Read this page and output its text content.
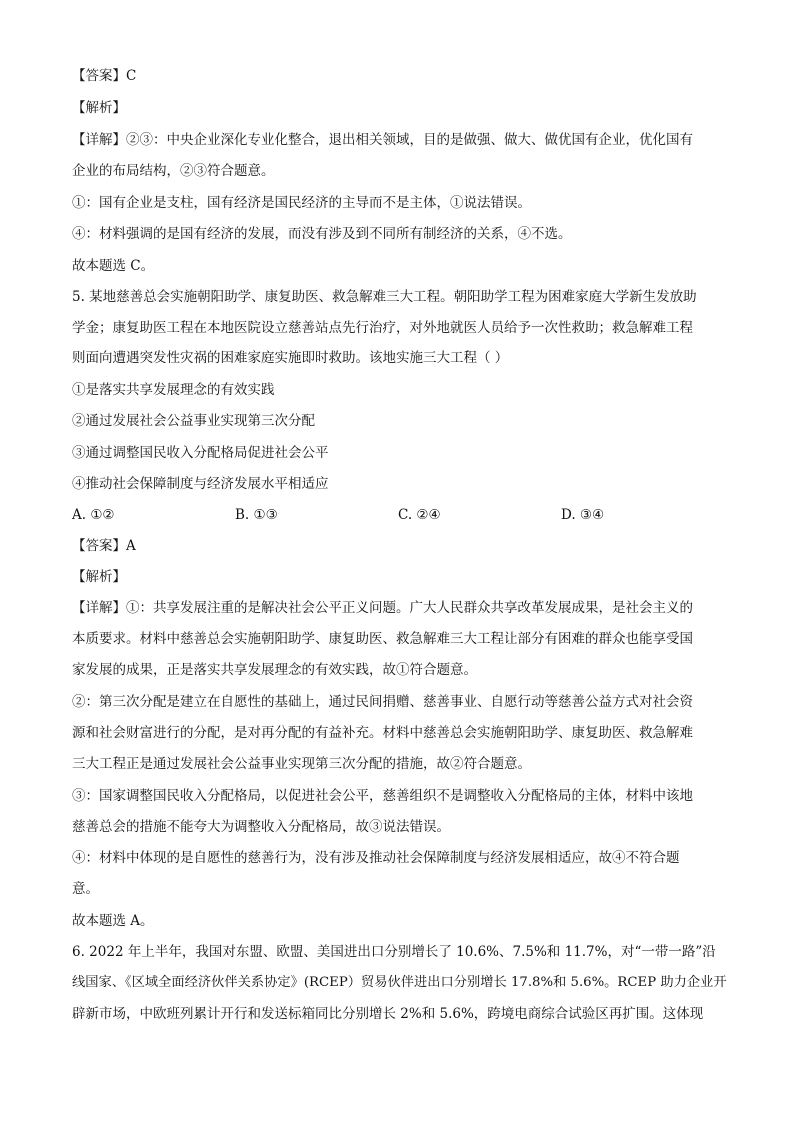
【答案】C
【解析】
【详解】②③：中央企业深化专业化整合，退出相关领域，目的是做强、做大、做优国有企业，优化国有
企业的布局结构，②③符合题意。
①：国有企业是支柱，国有经济是国民经济的主导而不是主体，①说法错误。
④：材料强调的是国有经济的发展，而没有涉及到不同所有制经济的关系，④不选。
故本题选 C。
5. 某地慈善总会实施朝阳助学、康复助医、救急解难三大工程。朝阳助学工程为困难家庭大学新生发放助
学金；康复助医工程在本地医院设立慈善站点先行治疗，对外地就医人员给予一次性救助；救急解难工程
则面向遭遇突发性灾祸的困难家庭实施即时救助。该地实施三大工程（ ）
①是落实共享发展理念的有效实践
②通过发展社会公益事业实现第三次分配
③通过调整国民收入分配格局促进社会公平
④推动社会保障制度与经济发展水平相适应
A. ①②	B. ①③	C. ②④	D. ③④
【答案】A
【解析】
【详解】①：共享发展注重的是解决社会公平正义问题。广大人民群众共享改革发展成果，是社会主义的
本质要求。材料中慈善总会实施朝阳助学、康复助医、救急解难三大工程让部分有困难的群众也能享受国
家发展的成果，正是落实共享发展理念的有效实践，故①符合题意。
②：第三次分配是建立在自愿性的基础上，通过民间捐赠、慈善事业、自愿行动等慈善公益方式对社会资
源和社会财富进行的分配，是对再分配的有益补充。材料中慈善总会实施朝阳助学、康复助医、救急解难
三大工程正是通过发展社会公益事业实现第三次分配的措施，故②符合题意。
③：国家调整国民收入分配格局，以促进社会公平，慈善组织不是调整收入分配格局的主体，材料中该地
慈善总会的措施不能夸大为调整收入分配格局，故③说法错误。
④：材料中体现的是自愿性的慈善行为，没有涉及推动社会保障制度与经济发展相适应，故④不符合题
意。
故本题选 A。
6. 2022 年上半年，我国对东盟、欧盟、美国进出口分别增长了 10.6%、7.5%和 11.7%，对“一带一路”沿
线国家、《区域全面经济伙伴关系协定》(RCEP）贸易伙伴进出口分别增长 17.8%和 5.6%。RCEP 助力企业开
辟新市场，中欧班列累计开行和发送标箱同比分别增长 2%和 5.6%，跨境电商综合试验区再扩围。这体现
